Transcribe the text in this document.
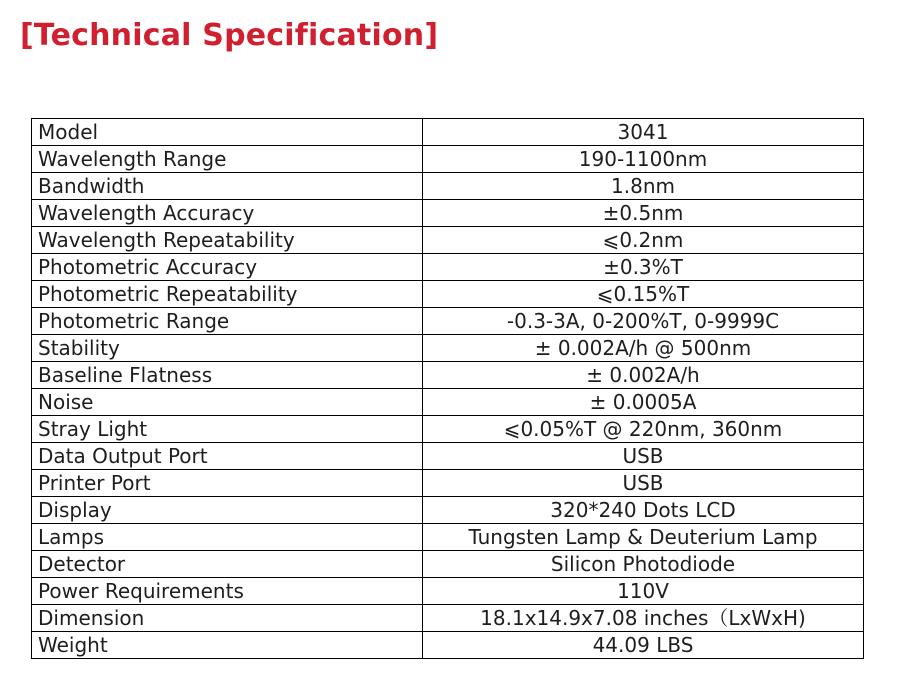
[Technical Specification]
Model	3041
Wavelength Range	190-1100nm
Bandwidth	1.8nm
Wavelength Accuracy	±0.5nm
Wavelength Repeatability	⩽0.2nm
Photometric Accuracy	±0.3%T
Photometric Repeatability	⩽0.15%T
Photometric Range	-0.3-3A, 0-200%T, 0-9999C
Stability	± 0.002A/h @ 500nm
Baseline Flatness	± 0.002A/h
Noise	± 0.0005A
Stray Light	⩽0.05%T @ 220nm, 360nm
Data Output Port	USB
Printer Port	USB
Display	320*240 Dots LCD
Lamps	Tungsten Lamp & Deuterium Lamp
Detector	Silicon Photodiode
Power Requirements	110V
Dimension	18.1x14.9x7.08 inches（LxWxH)
Weight	44.09 LBS
